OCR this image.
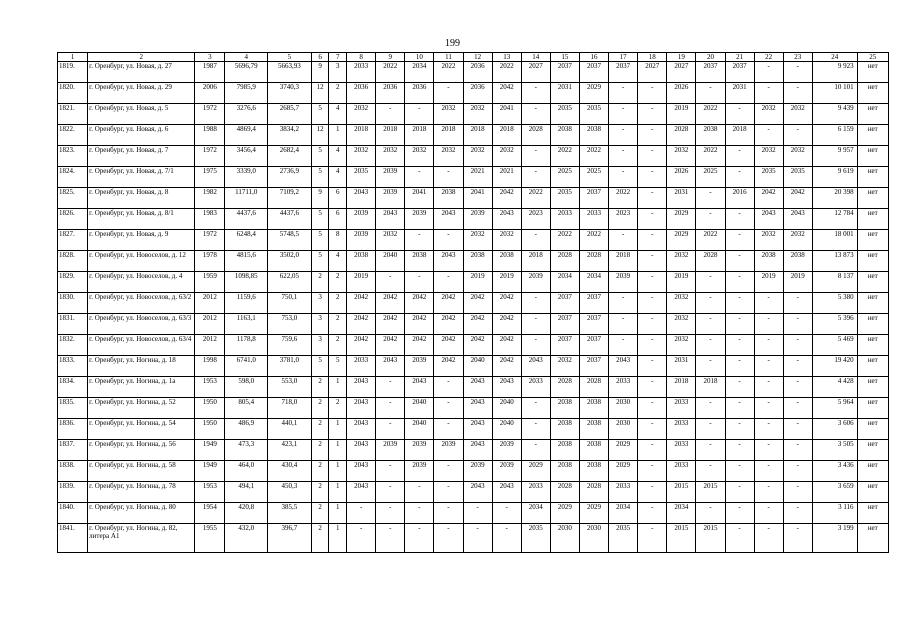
199
1	2	3	4	5	6	7	8	9	10	11	12	13	14	15	16	17	18	19	20	21	22	23	24	25
1819.	г. Оренбург, ул. Новая, д. 27	1987	5696,79	5663,93	9	3	2033	2022	2034	2022	2036	2022	2027	2037	2037	2037	2027	2027	2037	2037	-	-	9 923	нет
1820.	г. Оренбург, ул. Новая, д. 29	2006	7985,9	3740,3	12	2	2036	2036	2036	-	2036	2042	-	2031	2029	-	-	2026	-	2031	-	-	10 101	нет
1821.	г. Оренбург, ул. Новая, д. 5	1972	3276,6	2685,7	5	4	2032	-	-	2032	2032	2041	-	2035	2035	-	-	2019	2022	-	2032	2032	9 439	нет
1822.	г. Оренбург, ул. Новая, д. 6	1988	4869,4	3834,2	12	1	2018	2018	2018	2018	2018	2018	2028	2038	2038	-	-	2028	2038	2018	-	-	6 159	нет
1823.	г. Оренбург, ул. Новая, д. 7	1972	3456,4	2682,4	5	4	2032	2032	2032	2032	2032	2032	-	2022	2022	-	-	2032	2022	-	2032	2032	9 957	нет
1824.	г. Оренбург, ул. Новая, д. 7/1	1975	3339,0	2736,9	5	4	2035	2039	-	-	2021	2021	-	2025	2025	-	-	2026	2025	-	2035	2035	9 619	нет
1825.	г. Оренбург, ул. Новая, д. 8	1982	11711,0	7109,2	9	6	2043	2039	2041	2038	2041	2042	2022	2035	2037	2022	-	2031	-	2016	2042	2042	20 398	нет
1826.	г. Оренбург, ул. Новая, д. 8/1	1983	4437,6	4437,6	5	6	2039	2043	2039	2043	2039	2043	2023	2033	2033	2023	-	2029	-	-	2043	2043	12 784	нет
1827.	г. Оренбург, ул. Новая, д. 9	1972	6248,4	5748,5	5	8	2039	2032	-	-	2032	2032	-	2022	2022	-	-	2029	2022	-	2032	2032	18 001	нет
1828.	г. Оренбург, ул. Новоселов, д. 12	1978	4815,6	3502,0	5	4	2038	2040	2038	2043	2038	2038	2018	2028	2028	2018	-	2032	2028	-	2038	2038	13 873	нет
1829.	г. Оренбург, ул. Новоселов, д. 4	1959	1098,85	622,05	2	2	2019	-	-	-	2019	2019	2039	2034	2034	2039	-	2019	-	-	2019	2019	8 137	нет
1830.	г. Оренбург, ул. Новоселов, д. 63/2	2012	1159,6	750,1	3	2	2042	2042	2042	2042	2042	2042	-	2037	2037	-	-	2032	-	-	-	-	5 380	нет
1831.	г. Оренбург, ул. Новоселов, д. 63/3	2012	1163,1	753,0	3	2	2042	2042	2042	2042	2042	2042	-	2037	2037	-	-	2032	-	-	-	-	5 396	нет
1832.	г. Оренбург, ул. Новоселов, д. 63/4	2012	1178,8	759,6	3	2	2042	2042	2042	2042	2042	2042	-	2037	2037	-	-	2032	-	-	-	-	5 469	нет
1833.	г. Оренбург, ул. Ногина, д. 18	1998	6741,0	3781,0	5	5	2033	2043	2039	2042	2040	2042	2043	2032	2037	2043	-	2031	-	-	-	-	19 420	нет
1834.	г. Оренбург, ул. Ногина, д. 1а	1953	598,0	553,0	2	1	2043	-	2043	-	2043	2043	2033	2028	2028	2033	-	2018	2018	-	-	-	4 428	нет
1835.	г. Оренбург, ул. Ногина, д. 52	1950	805,4	718,0	2	2	2043	-	2040	-	2043	2040	-	2038	2038	2030	-	2033	-	-	-	-	5 964	нет
1836.	г. Оренбург, ул. Ногина, д. 54	1950	486,9	440,1	2	1	2043	-	2040	-	2043	2040	-	2038	2038	2030	-	2033	-	-	-	-	3 606	нет
1837.	г. Оренбург, ул. Ногина, д. 56	1949	473,3	423,1	2	1	2043	2039	2039	2039	2043	2039	-	2038	2038	2029	-	2033	-	-	-	-	3 505	нет
1838.	г. Оренбург, ул. Ногина, д. 58	1949	464,0	430,4	2	1	2043	-	2039	-	2039	2039	2029	2038	2038	2029	-	2033	-	-	-	-	3 436	нет
1839.	г. Оренбург, ул. Ногина, д. 78	1953	494,1	450,3	2	1	2043	-	-	-	2043	2043	2033	2028	2028	2033	-	2015	2015	-	-	-	3 659	нет
1840.	г. Оренбург, ул. Ногина, д. 80	1954	420,8	385,5	2	1	-	-	-	-	-	-	2034	2029	2029	2034	-	2034	-	-	-	-	3 116	нет
1841.	г. Оренбург, ул. Ногина, д. 82, литера А1	1955	432,0	396,7	2	1	-	-	-	-	-	-	2035	2030	2030	2035	-	2015	2015	-	-	-	3 199	нет
